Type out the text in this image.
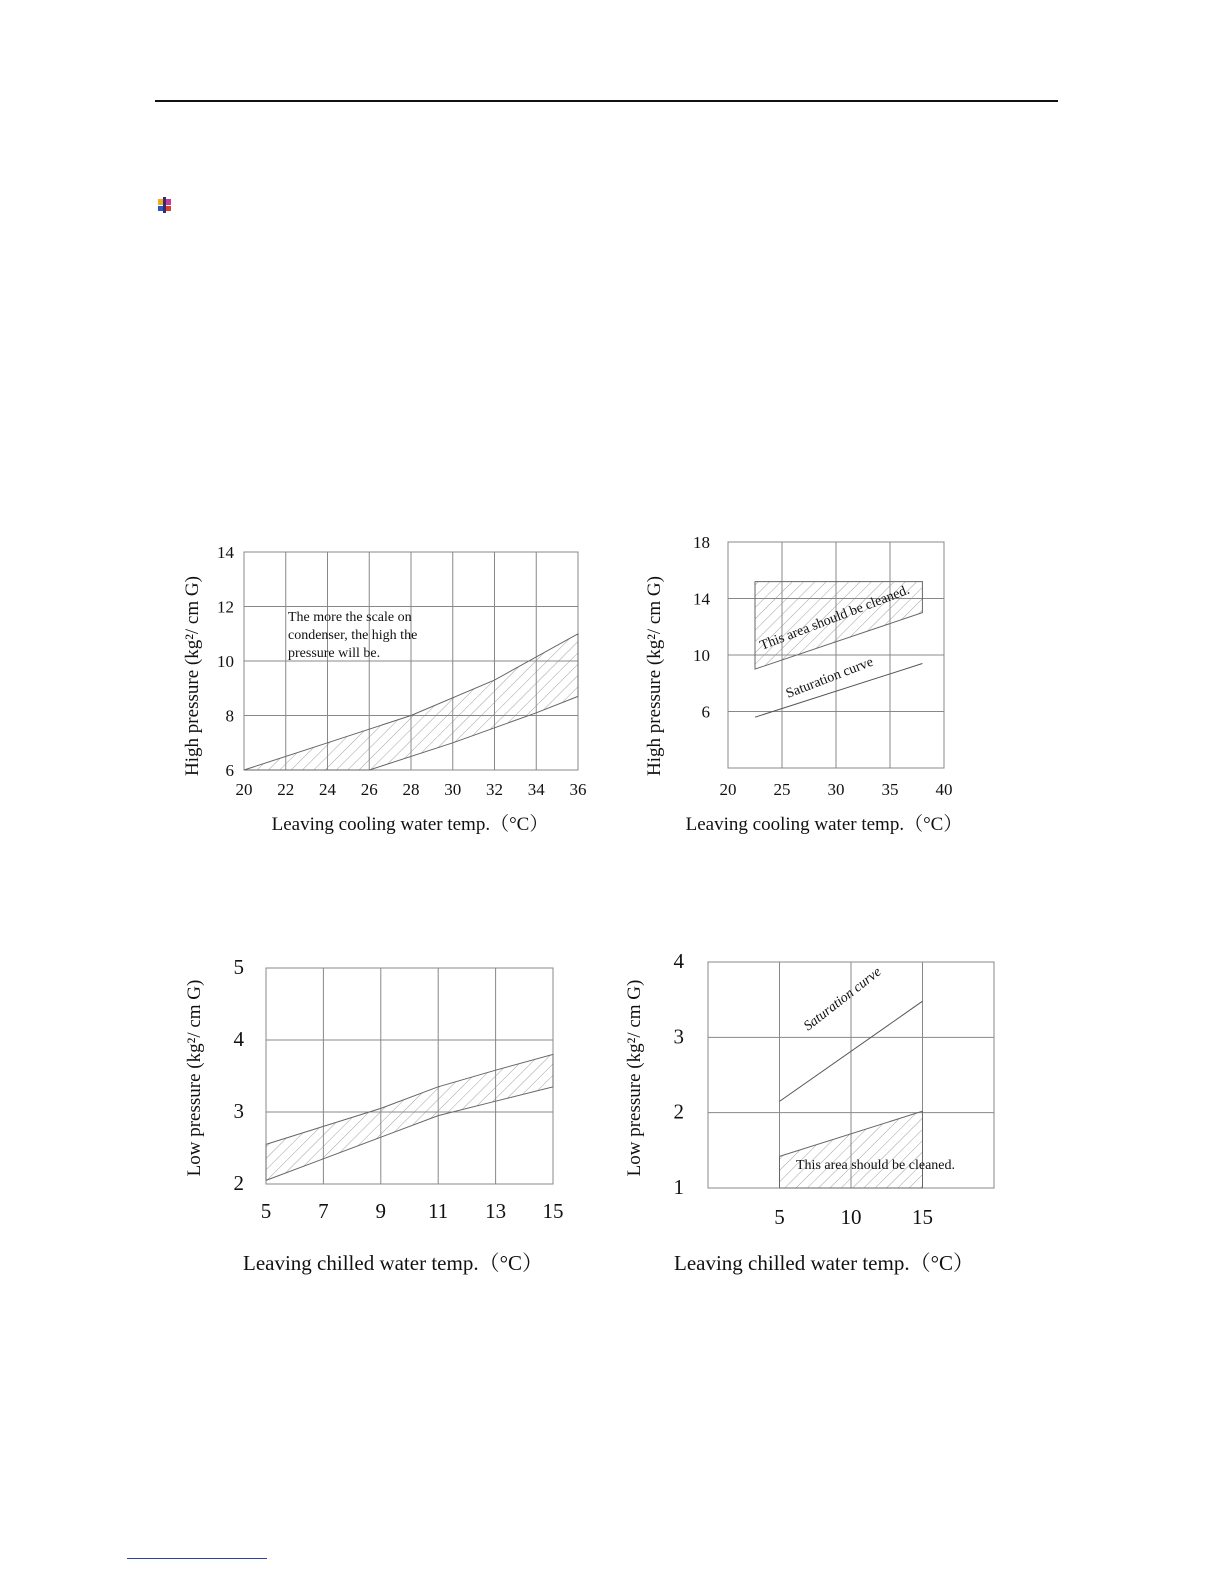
20 22 24 26 28 30 32 34 36
6
8
10
12
14
The more the scale on
condenser, the high the
pressure will be.
Leaving cooling water temp.（°C）
High pressure (kg²/ cm G)
20 25 30 35 40
6
10
14
18
This area should be cleaned.
Saturation curve
Leaving cooling water temp.（°C）
High pressure (kg²/ cm G)
5 7 9 11 13 15
2
3
4
5
Leaving chilled water temp.（°C）
Low pressure (kg²/ cm G)
5	10 15
1
2
3
4
Saturation curve
This area should be cleaned.
Leaving chilled water temp.（°C）
Low pressure (kg²/ cm G)
